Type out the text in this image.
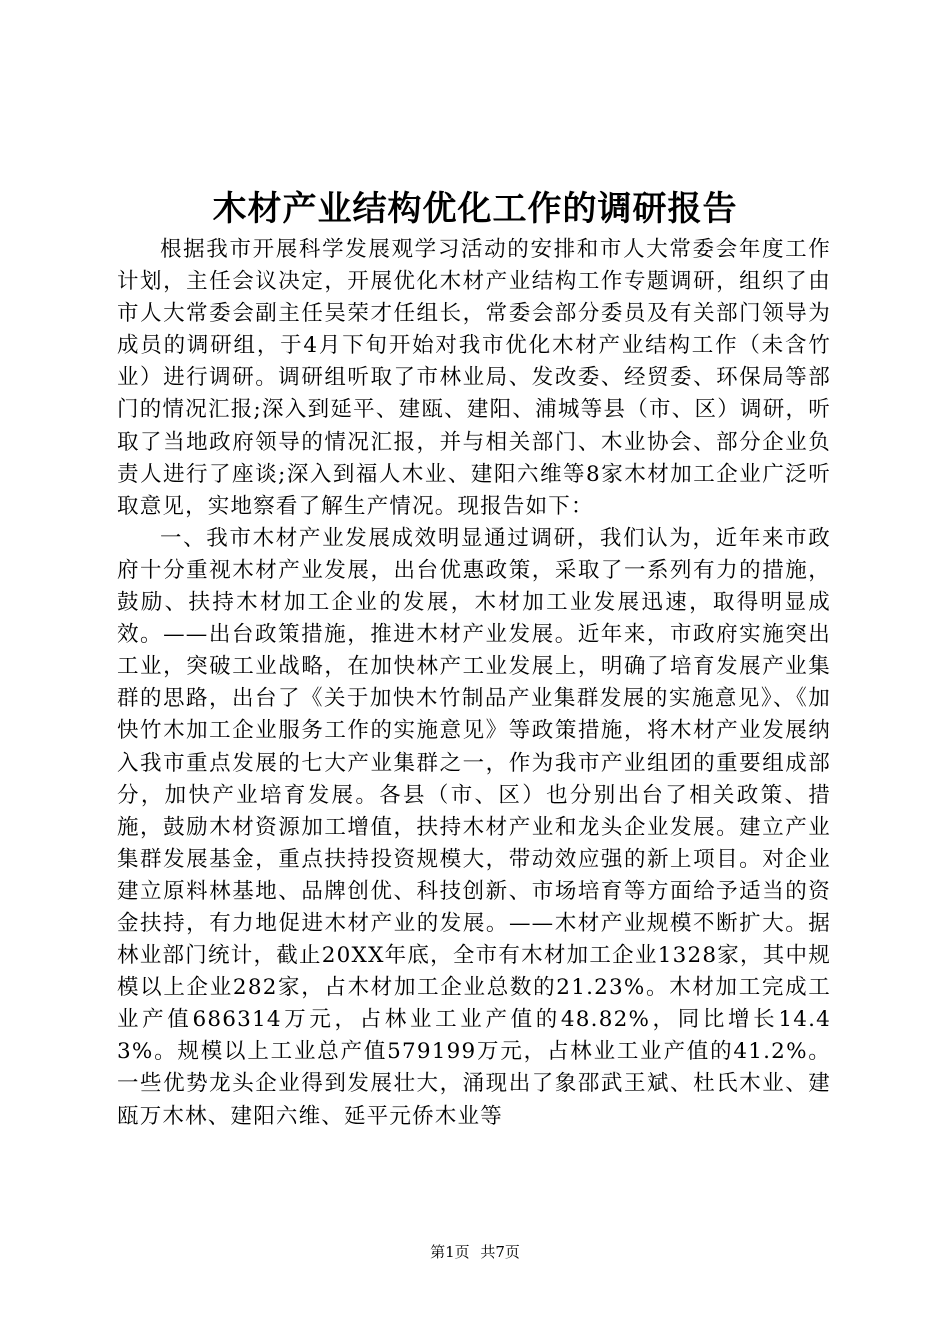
木材产业结构优化工作的调研报告

根据我市开展科学发展观学习活动的安排和市人大常委会年度工作计划，主任会议决定，开展优化木材产业结构工作专题调研，组织了由市人大常委会副主任吴荣才任组长，常委会部分委员及有关部门领导为成员的调研组，于4月下旬开始对我市优化木材产业结构工作（未含竹业）进行调研。调研组听取了市林业局、发改委、经贸委、环保局等部门的情况汇报;深入到延平、建瓯、建阳、浦城等县（市、区）调研，听取了当地政府领导的情况汇报，并与相关部门、木业协会、部分企业负责人进行了座谈;深入到福人木业、建阳六维等8家木材加工企业广泛听取意见，实地察看了解生产情况。现报告如下：

一、我市木材产业发展成效明显通过调研，我们认为，近年来市政府十分重视木材产业发展，出台优惠政策，采取了一系列有力的措施，鼓励、扶持木材加工企业的发展，木材加工业发展迅速，取得明显成效。——出台政策措施，推进木材产业发展。近年来，市政府实施突出工业，突破工业战略，在加快林产工业发展上，明确了培育发展产业集群的思路，出台了《关于加快木竹制品产业集群发展的实施意见》、《加快竹木加工企业服务工作的实施意见》等政策措施，将木材产业发展纳入我市重点发展的七大产业集群之一，作为我市产业组团的重要组成部分，加快产业培育发展。各县（市、区）也分别出台了相关政策、措施，鼓励木材资源加工增值，扶持木材产业和龙头企业发展。建立产业集群发展基金，重点扶持投资规模大，带动效应强的新上项目。对企业建立原料林基地、品牌创优、科技创新、市场培育等方面给予适当的资金扶持，有力地促进木材产业的发展。——木材产业规模不断扩大。据林业部门统计，截止20XX年底，全市有木材加工企业1328家，其中规模以上企业282家，占木材加工企业总数的21.23%。木材加工完成工业产值686314万元，占林业工业产值的48.82%，同比增长14.43%。规模以上工业总产值579199万元，占林业工业产值的41.2%。一些优势龙头企业得到发展壮大，涌现出了象邵武王斌、杜氏木业、建瓯万木林、建阳六维、延平元侨木业等

第1页 共7页
